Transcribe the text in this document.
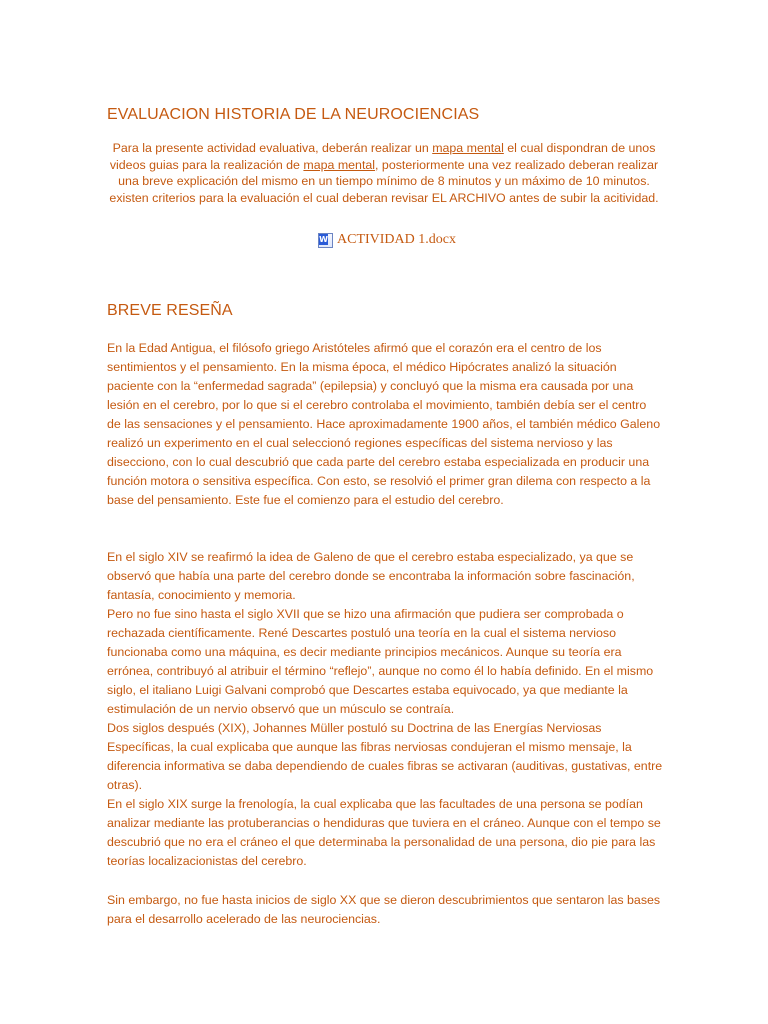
EVALUACION HISTORIA DE LA NEUROCIENCIAS

Para la presente actividad evaluativa, deberán realizar un mapa mental el cual dispondran de unos videos guias para la realización de mapa mental, posteriormente una vez realizado deberan realizar una breve explicación del mismo en un tiempo mínimo de 8 minutos y un máximo de 10 minutos. existen criterios para la evaluación el cual deberan revisar EL ARCHIVO antes de subir la acitividad.

W ACTIVIDAD 1.docx
BREVE RESEÑA

En la Edad Antigua, el filósofo griego Aristóteles afirmó que el corazón era el centro de los sentimientos y el pensamiento. En la misma época, el médico Hipócrates analizó la situación paciente con la “enfermedad sagrada” (epilepsia) y concluyó que la misma era causada por una lesión en el cerebro, por lo que si el cerebro controlaba el movimiento, también debía ser el centro de las sensaciones y el pensamiento. Hace aproximadamente 1900 años, el también médico Galeno realizó un experimento en el cual seleccionó regiones específicas del sistema nervioso y las disecciono, con lo cual descubrió que cada parte del cerebro estaba especializada en producir una función motora o sensitiva específica. Con esto, se resolvió el primer gran dilema con respecto a la base del pensamiento. Este fue el comienzo para el estudio del cerebro.

En el siglo XIV se reafirmó la idea de Galeno de que el cerebro estaba especializado, ya que se observó que había una parte del cerebro donde se encontraba la información sobre fascinación, fantasía, conocimiento y memoria.
Pero no fue sino hasta el siglo XVII que se hizo una afirmación que pudiera ser comprobada o rechazada científicamente. René Descartes postuló una teoría en la cual el sistema nervioso funcionaba como una máquina, es decir mediante principios mecánicos. Aunque su teoría era errónea, contribuyó al atribuir el término “reflejo”, aunque no como él lo había definido. En el mismo siglo, el italiano Luigi Galvani comprobó que Descartes estaba equivocado, ya que mediante la estimulación de un nervio observó que un músculo se contraía.
Dos siglos después (XIX), Johannes Müller postuló su Doctrina de las Energías Nerviosas Específicas, la cual explicaba que aunque las fibras nerviosas condujeran el mismo mensaje, la diferencia informativa se daba dependiendo de cuales fibras se activaran (auditivas, gustativas, entre otras).
En el siglo XIX surge la frenología, la cual explicaba que las facultades de una persona se podían analizar mediante las protuberancias o hendiduras que tuviera en el cráneo. Aunque con el tempo se descubrió que no era el cráneo el que determinaba la personalidad de una persona, dio pie para las teorías localizacionistas del cerebro.

Sin embargo, no fue hasta inicios de siglo XX que se dieron descubrimientos que sentaron las bases para el desarrollo acelerado de las neurociencias.
